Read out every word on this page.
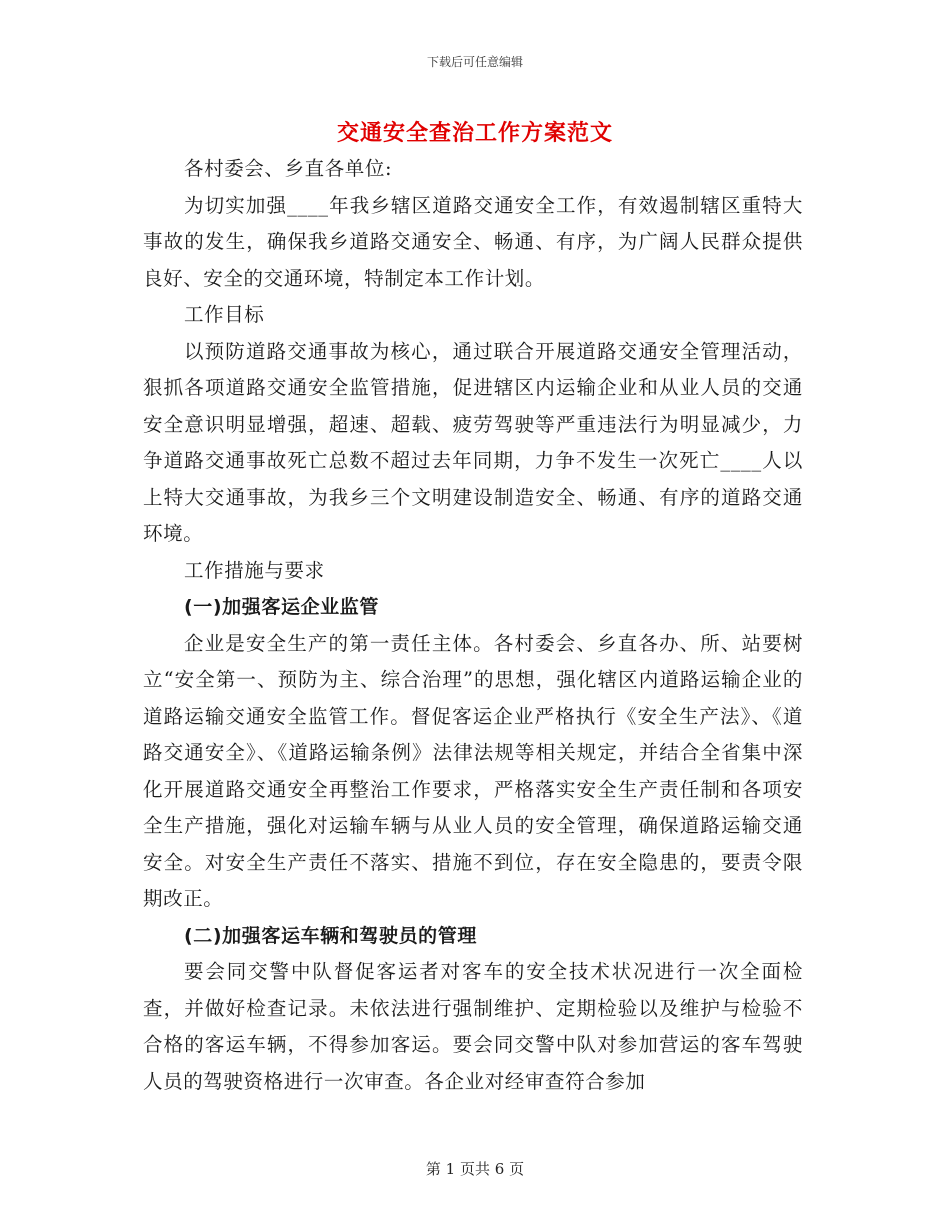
下载后可任意编辑
交通安全查治工作方案范文

各村委会、乡直各单位:

为切实加强____年我乡辖区道路交通安全工作，有效遏制辖区重特大事故的发生，确保我乡道路交通安全、畅通、有序，为广阔人民群众提供良好、安全的交通环境，特制定本工作计划。

工作目标

以预防道路交通事故为核心，通过联合开展道路交通安全管理活动，狠抓各项道路交通安全监管措施，促进辖区内运输企业和从业人员的交通安全意识明显增强，超速、超载、疲劳驾驶等严重违法行为明显减少，力争道路交通事故死亡总数不超过去年同期，力争不发生一次死亡____人以上特大交通事故，为我乡三个文明建设制造安全、畅通、有序的道路交通环境。

工作措施与要求

(一)加强客运企业监管

企业是安全生产的第一责任主体。各村委会、乡直各办、所、站要树立“安全第一、预防为主、综合治理”的思想，强化辖区内道路运输企业的道路运输交通安全监管工作。督促客运企业严格执行《安全生产法》、《道路交通安全》、《道路运输条例》法律法规等相关规定，并结合全省集中深化开展道路交通安全再整治工作要求，严格落实安全生产责任制和各项安全生产措施，强化对运输车辆与从业人员的安全管理，确保道路运输交通安全。对安全生产责任不落实、措施不到位，存在安全隐患的，要责令限期改正。

(二)加强客运车辆和驾驶员的管理

要会同交警中队督促客运者对客车的安全技术状况进行一次全面检查，并做好检查记录。未依法进行强制维护、定期检验以及维护与检验不合格的客运车辆，不得参加客运。要会同交警中队对参加营运的客车驾驶人员的驾驶资格进行一次审查。各企业对经审查符合参加

第 1 页共 6 页
